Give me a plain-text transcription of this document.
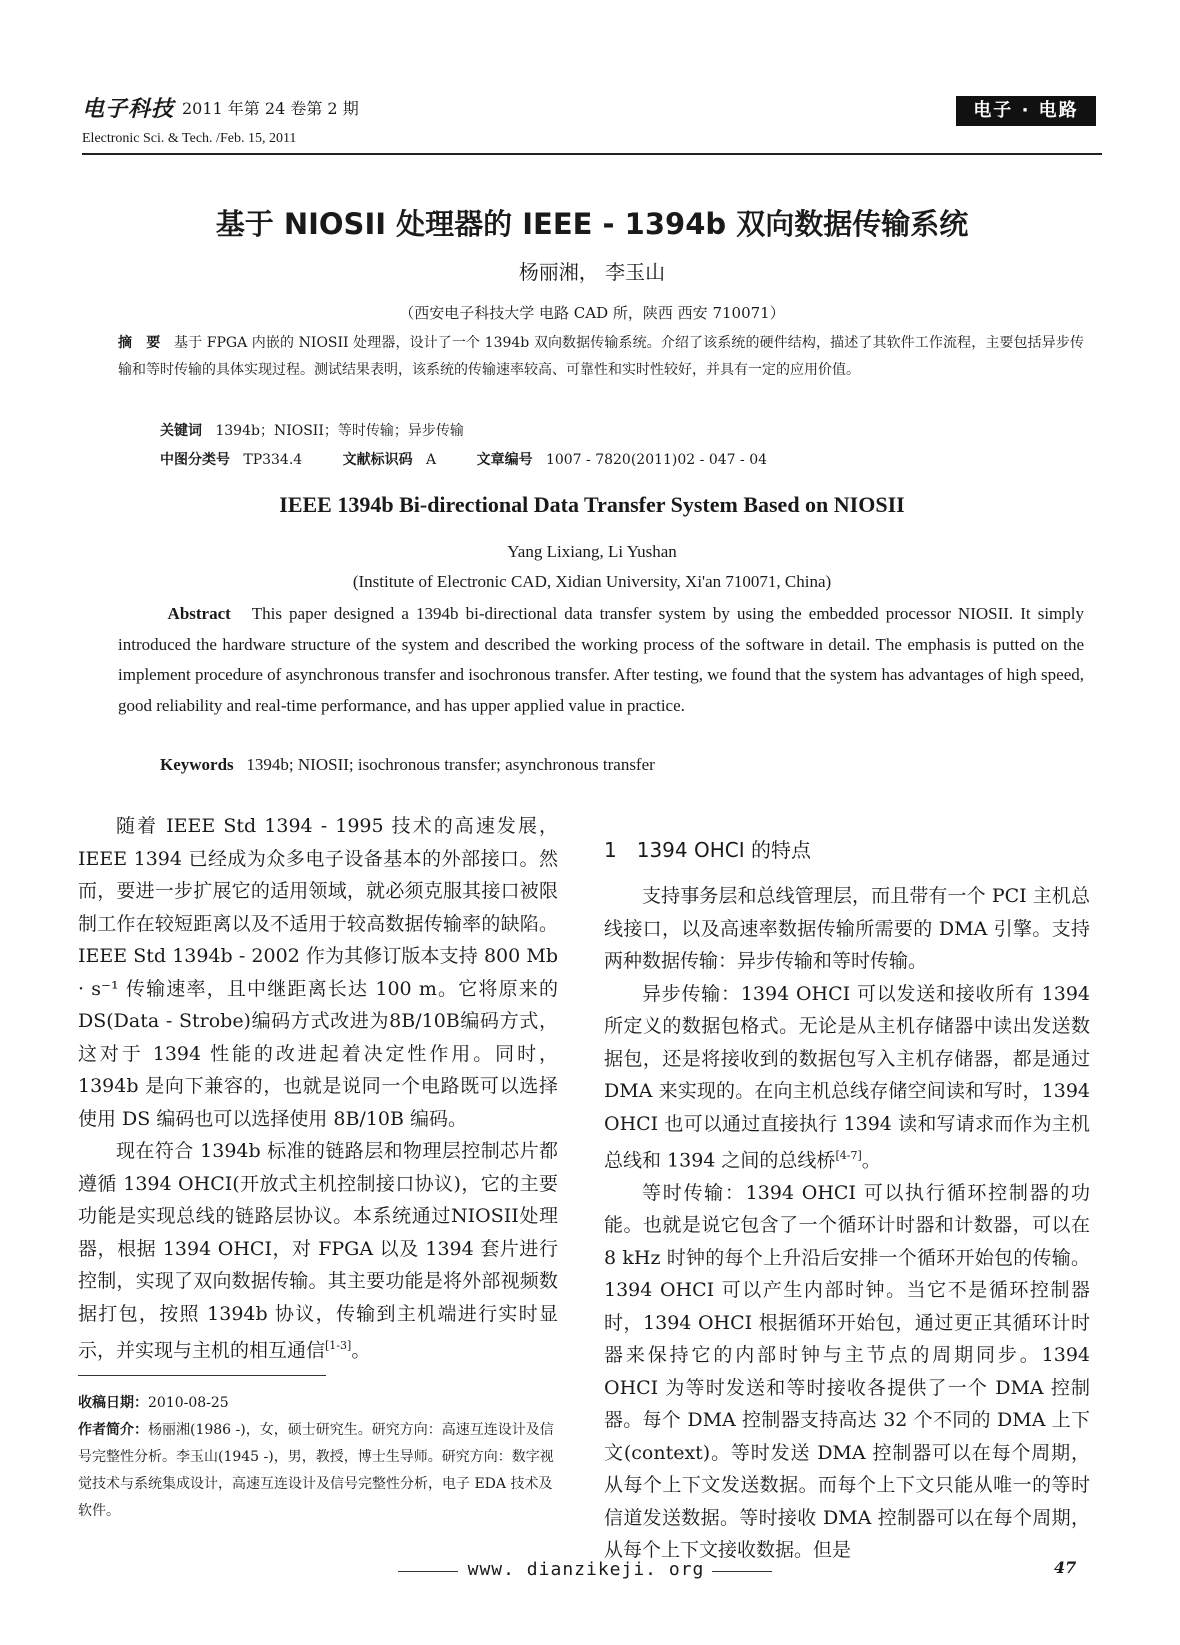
电子科技 2011 年第 24 卷第 2 期
Electronic Sci. & Tech. /Feb. 15, 2011
电子 · 电路
基于 NIOSII 处理器的 IEEE - 1394b 双向数据传输系统
杨丽湘， 李玉山
（西安电子科技大学 电路 CAD 所，陕西 西安 710071）
摘　要 基于 FPGA 内嵌的 NIOSII 处理器，设计了一个 1394b 双向数据传输系统。介绍了该系统的硬件结构，描述了其软件工作流程，主要包括异步传输和等时传输的具体实现过程。测试结果表明，该系统的传输速率较高、可靠性和实时性较好，并具有一定的应用价值。
关键词 1394b；NIOSII；等时传输；异步传输
中图分类号 TP334.4	文献标识码 A	文章编号 1007 - 7820(2011)02 - 047 - 04
IEEE 1394b Bi-directional Data Transfer System Based on NIOSII
Yang Lixiang, Li Yushan
(Institute of Electronic CAD, Xidian University, Xi'an 710071, China)
Abstract This paper designed a 1394b bi-directional data transfer system by using the embedded processor NIOSII. It simply introduced the hardware structure of the system and described the working process of the software in detail. The emphasis is putted on the implement procedure of asynchronous transfer and isochronous transfer. After testing, we found that the system has advantages of high speed, good reliability and real-time performance, and has upper applied value in practice.
Keywords 1394b; NIOSII; isochronous transfer; asynchronous transfer

随着 IEEE Std 1394 - 1995 技术的高速发展，IEEE 1394 已经成为众多电子设备基本的外部接口。然而，要进一步扩展它的适用领域，就必须克服其接口被限制工作在较短距离以及不适用于较高数据传输率的缺陷。IEEE Std 1394b - 2002 作为其修订版本支持 800 Mb · s⁻¹ 传输速率，且中继距离长达 100 m。它将原来的 DS(Data - Strobe)编码方式改进为8B/10B编码方式，这对于 1394 性能的改进起着决定性作用。同时，1394b 是向下兼容的，也就是说同一个电路既可以选择使用 DS 编码也可以选择使用 8B/10B 编码。

现在符合 1394b 标准的链路层和物理层控制芯片都遵循 1394 OHCI(开放式主机控制接口协议)，它的主要功能是实现总线的链路层协议。本系统通过NIOSII处理器，根据 1394 OHCI，对 FPGA 以及 1394 套片进行控制，实现了双向数据传输。其主要功能是将外部视频数据打包，按照 1394b 协议，传输到主机端进行实时显示，并实现与主机的相互通信[1-3]。

收稿日期：2010-08-25

作者简介：杨丽湘(1986 -)，女，硕士研究生。研究方向：高速互连设计及信号完整性分析。李玉山(1945 -)，男，教授，博士生导师。研究方向：数字视觉技术与系统集成设计，高速互连设计及信号完整性分析，电子 EDA 技术及软件。

1　1394 OHCI 的特点

支持事务层和总线管理层，而且带有一个 PCI 主机总线接口，以及高速率数据传输所需要的 DMA 引擎。支持两种数据传输：异步传输和等时传输。

异步传输：1394 OHCI 可以发送和接收所有 1394 所定义的数据包格式。无论是从主机存储器中读出发送数据包，还是将接收到的数据包写入主机存储器，都是通过 DMA 来实现的。在向主机总线存储空间读和写时，1394 OHCI 也可以通过直接执行 1394 读和写请求而作为主机总线和 1394 之间的总线桥[4-7]。

等时传输：1394 OHCI 可以执行循环控制器的功能。也就是说它包含了一个循环计时器和计数器，可以在 8 kHz 时钟的每个上升沿后安排一个循环开始包的传输。1394 OHCI 可以产生内部时钟。当它不是循环控制器时，1394 OHCI 根据循环开始包，通过更正其循环计时器来保持它的内部时钟与主节点的周期同步。1394 OHCI 为等时发送和等时接收各提供了一个 DMA 控制器。每个 DMA 控制器支持高达 32 个不同的 DMA 上下文(context)。等时发送 DMA 控制器可以在每个周期，从每个上下文发送数据。而每个上下文只能从唯一的等时信道发送数据。等时接收 DMA 控制器可以在每个周期，从每个上下文接收数据。但是

www. dianzikeji. org	47
